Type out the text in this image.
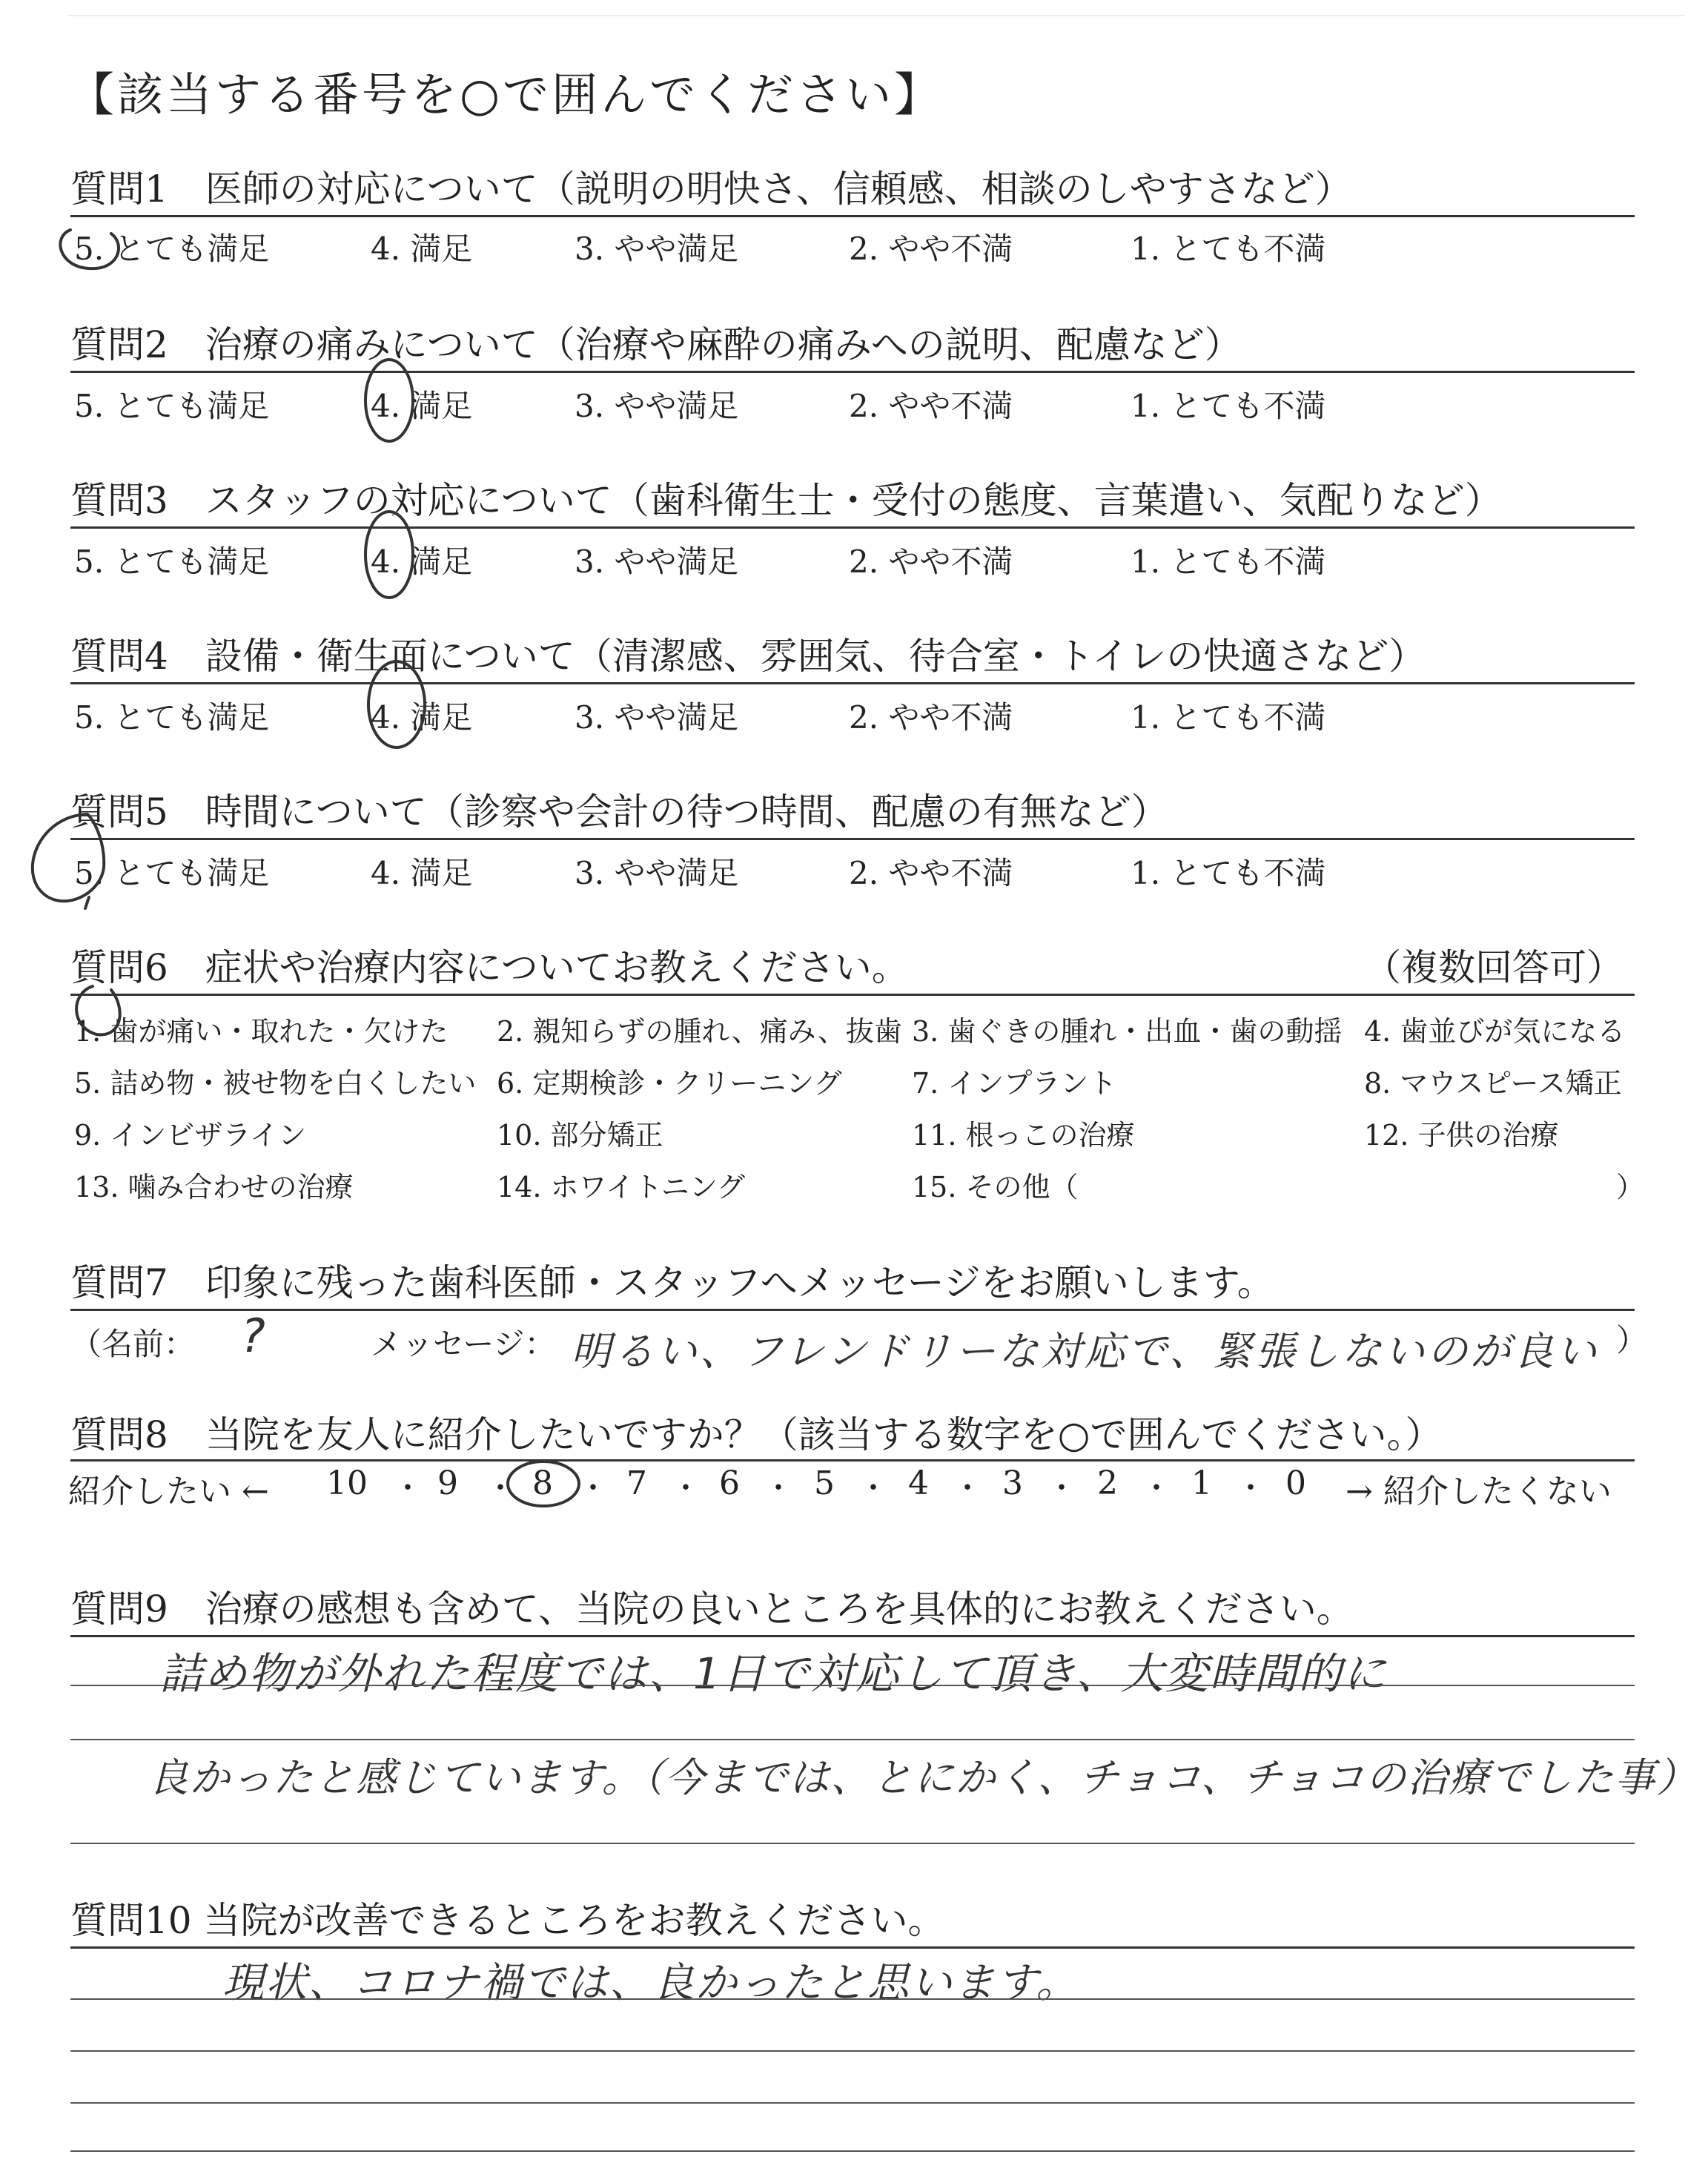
【該当する番号を○で囲んでください】
質問1　医師の対応について（説明の明快さ、信頼感、相談のしやすさなど）
5. とても満足	4. 満足	3. やや満足	2. やや不満	1. とても不満
質問2　治療の痛みについて（治療や麻酔の痛みへの説明、配慮など）
5. とても満足	4. 満足	3. やや満足	2. やや不満	1. とても不満
質問3　スタッフの対応について（歯科衛生士・受付の態度、言葉遣い、気配りなど）
5. とても満足	4. 満足	3. やや満足	2. やや不満	1. とても不満
質問4　設備・衛生面について（清潔感、雰囲気、待合室・トイレの快適さなど）
5. とても満足	4. 満足	3. やや満足	2. やや不満	1. とても不満
質問5　時間について（診察や会計の待つ時間、配慮の有無など）
5. とても満足	4. 満足	3. やや満足	2. やや不満	1. とても不満
質問6　症状や治療内容についてお教えください。	（複数回答可）
1. 歯が痛い・取れた・欠けた 2. 親知らずの腫れ、痛み、抜歯 3. 歯ぐきの腫れ・出血・歯の動揺 4. 歯並びが気になる
5. 詰め物・被せ物を白くしたい 6. 定期検診・クリーニング 7. インプラント	8. マウスピース矯正
9. インビザライン	10. 部分矯正	11. 根っこの治療	12. 子供の治療
13. 噛み合わせの治療	14. ホワイトニング	15. その他（	）
質問7　印象に残った歯科医師・スタッフへメッセージをお願いします。
（名前： ?	メッセージ： 明るい、フレンドリーな対応で、緊張しないのが良い ）
質問8　当院を友人に紹介したいですか？（該当する数字を○で囲んでください。）
紹介したい ← 10 ・ 9 ・ 8 ・ 7 ・ 6 ・ 5 ・ 4 ・ 3 ・ 2 ・ 1 ・ 0 → 紹介したくない
質問9　治療の感想も含めて、当院の良いところを具体的にお教えください。
詰め物が外れた程度では、1日で対応して頂き、大変時間的に
良かったと感じています。（今までは、とにかく、チョコ、チョコの治療でした事）
質問10 当院が改善できるところをお教えください。
現状、コロナ禍では、良かったと思います。
